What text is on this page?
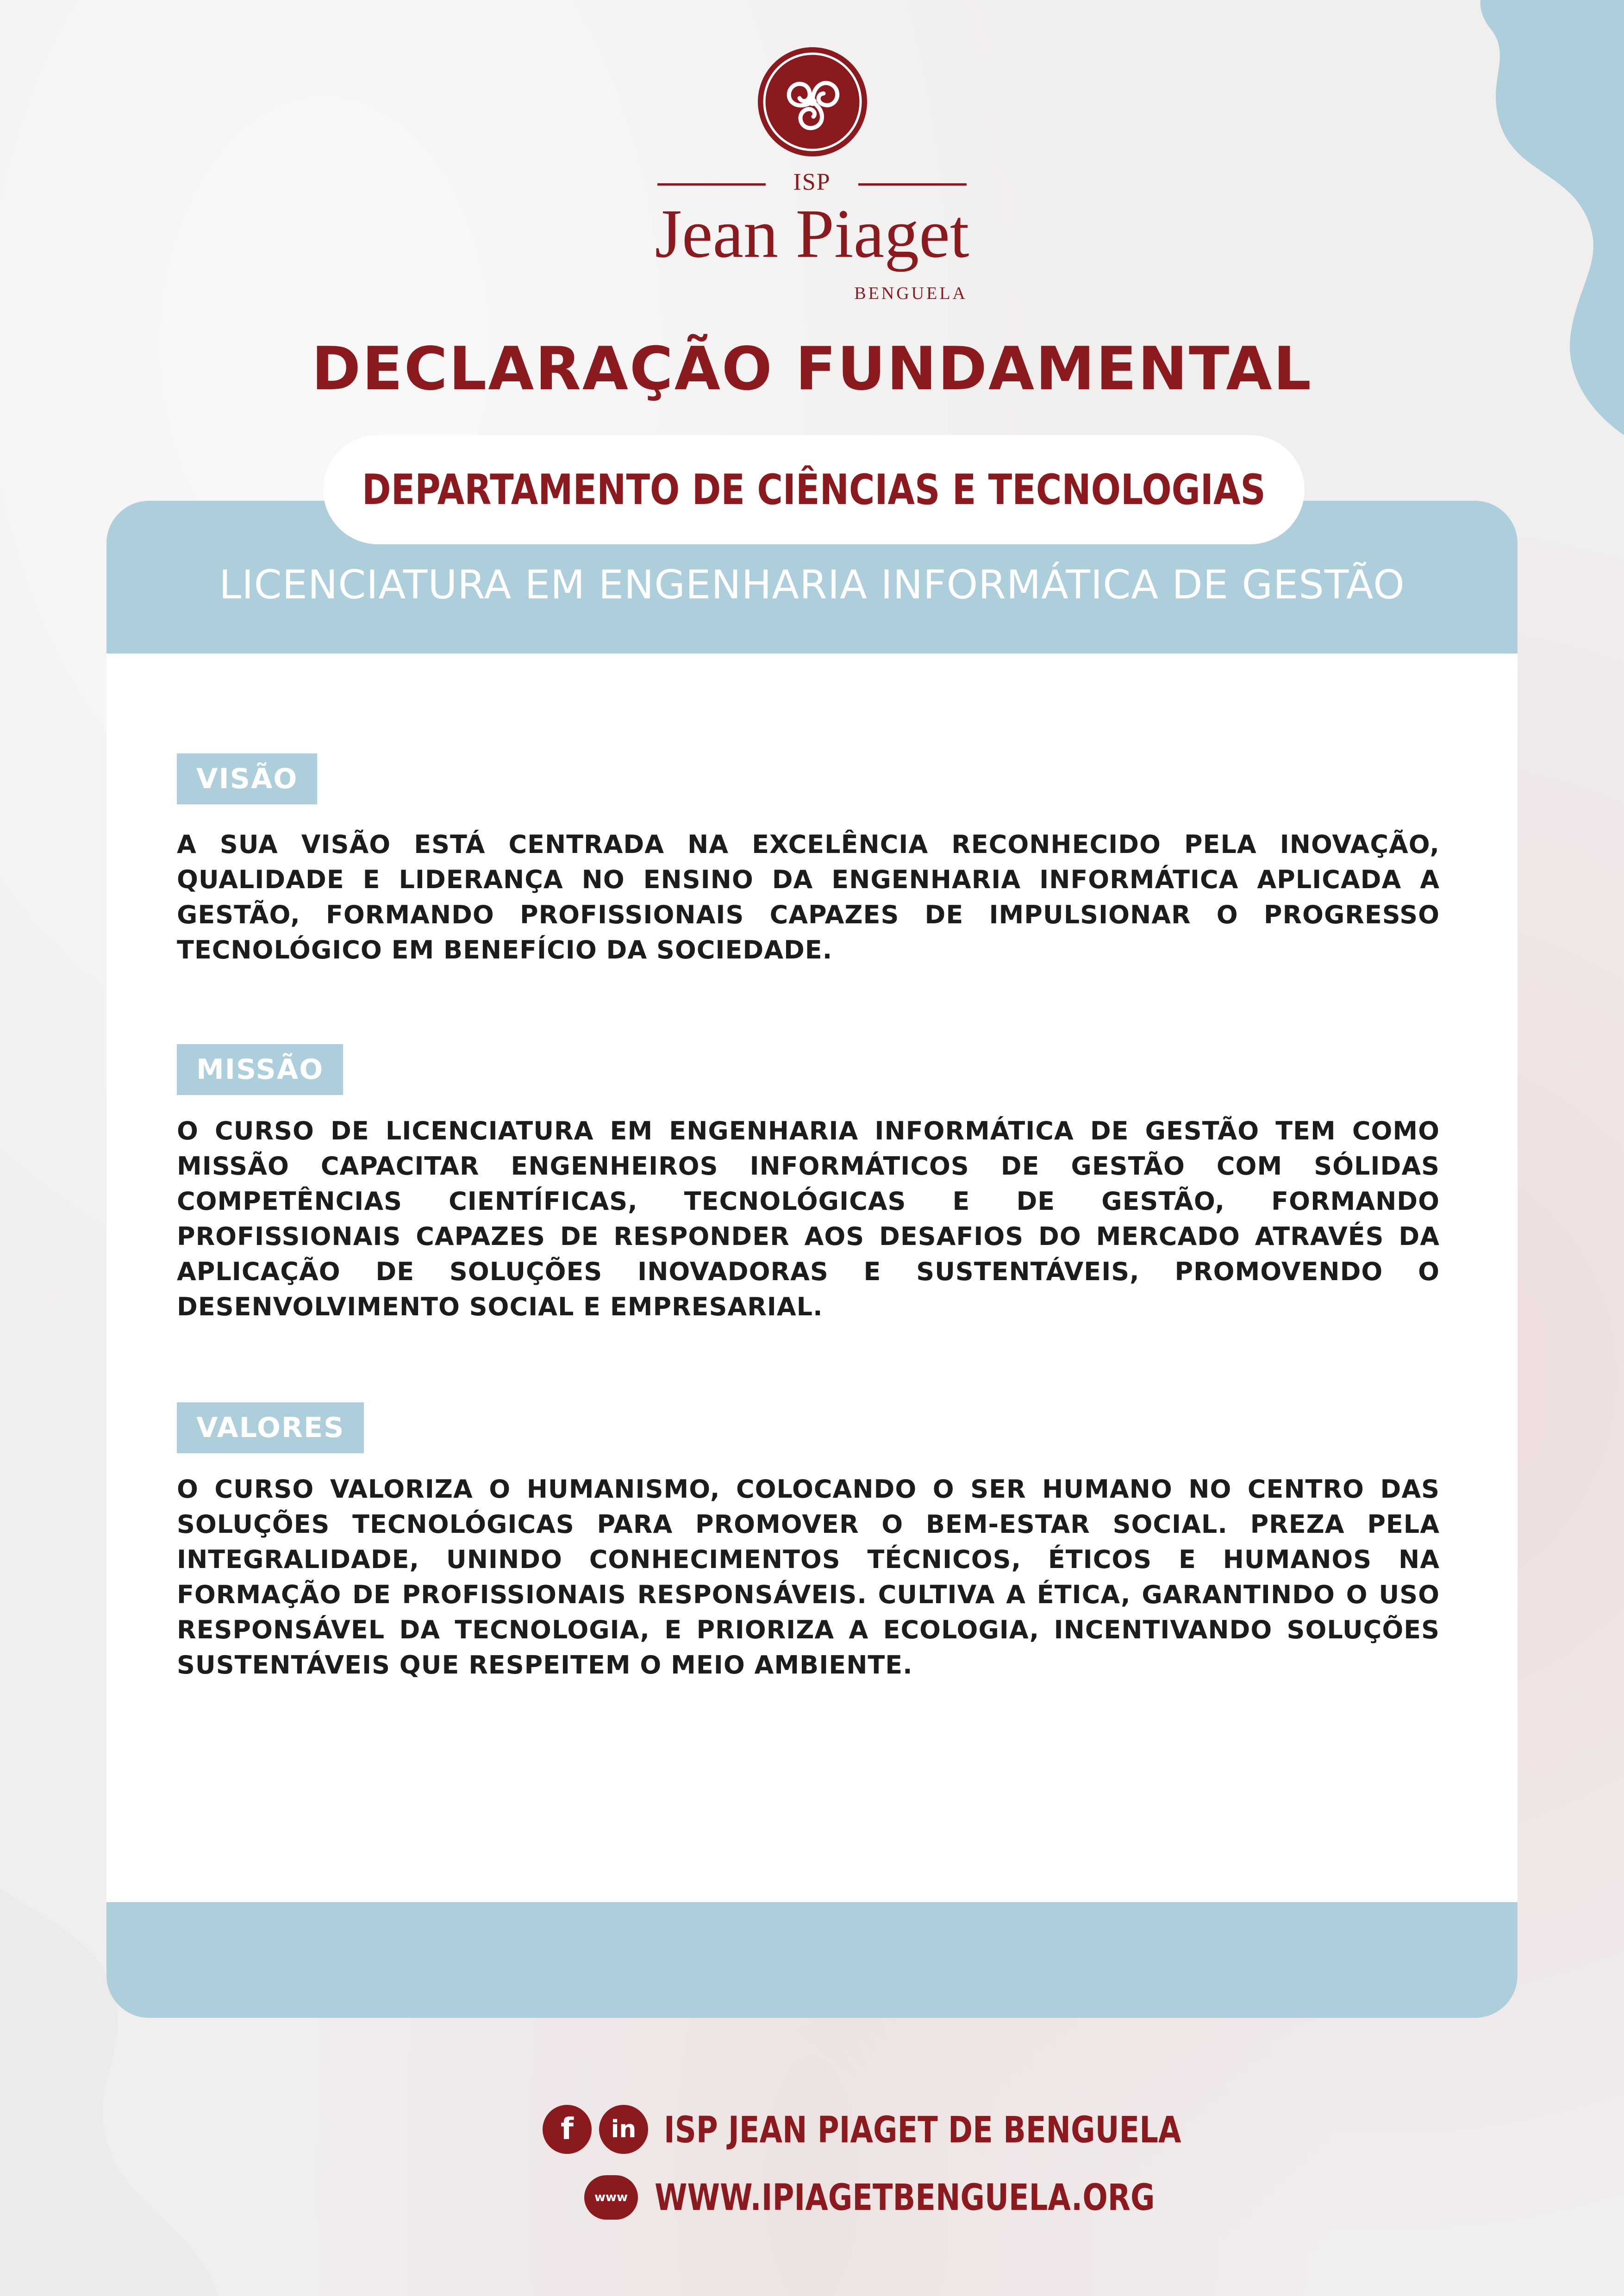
ISP
Jean Piaget
BENGUELA
DECLARAÇÃO FUNDAMENTAL
LICENCIATURA EM ENGENHARIA INFORMÁTICA DE GESTÃO
DEPARTAMENTO DE CIÊNCIAS E TECNOLOGIAS
VISÃO

A SUA VISÃO ESTÁ CENTRADA NA EXCELÊNCIA RECONHECIDO PELA INOVAÇÃO, QUALIDADE E LIDERANÇA NO ENSINO DA ENGENHARIA INFORMÁTICA APLICADA A GESTÃO, FORMANDO PROFISSIONAIS CAPAZES DE IMPULSIONAR O PROGRESSO TECNOLÓGICO EM BENEFÍCIO DA SOCIEDADE.

MISSÃO

O CURSO DE LICENCIATURA EM ENGENHARIA INFORMÁTICA DE GESTÃO TEM COMO MISSÃO CAPACITAR ENGENHEIROS INFORMÁTICOS DE GESTÃO COM SÓLIDAS COMPETÊNCIAS CIENTÍFICAS, TECNOLÓGICAS E DE GESTÃO, FORMANDO PROFISSIONAIS CAPAZES DE RESPONDER AOS DESAFIOS DO MERCADO ATRAVÉS DA APLICAÇÃO DE SOLUÇÕES INOVADORAS E SUSTENTÁVEIS, PROMOVENDO O DESENVOLVIMENTO SOCIAL E EMPRESARIAL.

VALORES

O CURSO VALORIZA O HUMANISMO, COLOCANDO O SER HUMANO NO CENTRO DAS SOLUÇÕES TECNOLÓGICAS PARA PROMOVER O BEM-ESTAR SOCIAL. PREZA PELA INTEGRALIDADE, UNINDO CONHECIMENTOS TÉCNICOS, ÉTICOS E HUMANOS NA FORMAÇÃO DE PROFISSIONAIS RESPONSÁVEIS. CULTIVA A ÉTICA, GARANTINDO O USO RESPONSÁVEL DA TECNOLOGIA, E PRIORIZA A ECOLOGIA, INCENTIVANDO SOLUÇÕES SUSTENTÁVEIS QUE RESPEITEM O MEIO AMBIENTE.

f	in ISP JEAN PIAGET DE BENGUELA
www WWW.IPIAGETBENGUELA.ORG
